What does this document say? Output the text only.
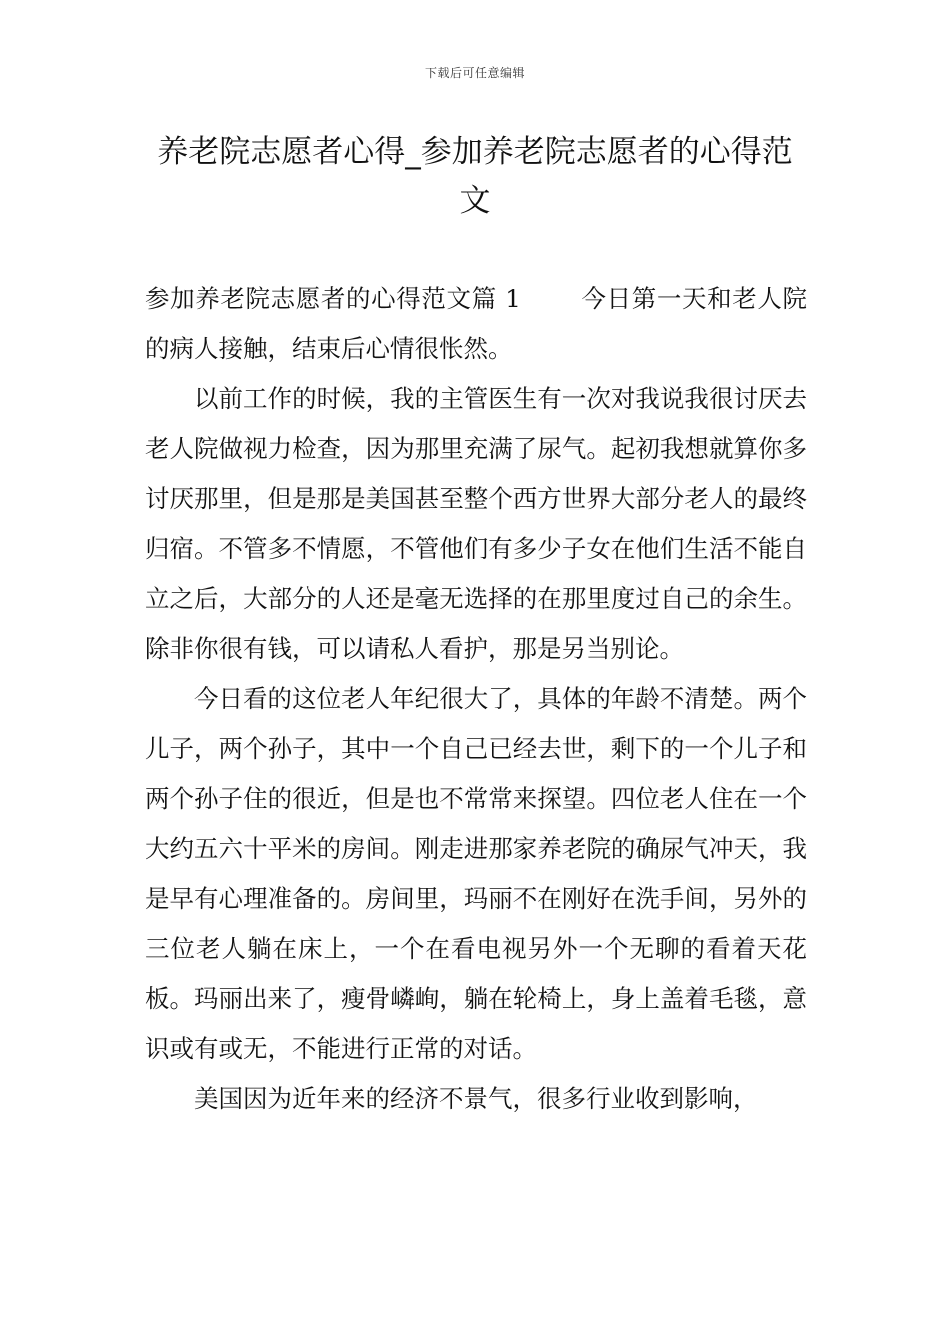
下载后可任意编辑
养老院志愿者心得_参加养老院志愿者的心得范文

参加养老院志愿者的心得范文篇 1 今日第一天和老人院的病人接触，结束后心情很怅然。

以前工作的时候，我的主管医生有一次对我说我很讨厌去老人院做视力检查，因为那里充满了尿气。起初我想就算你多讨厌那里，但是那是美国甚至整个西方世界大部分老人的最终归宿。不管多不情愿，不管他们有多少子女在他们生活不能自立之后，大部分的人还是毫无选择的在那里度过自己的余生。除非你很有钱，可以请私人看护，那是另当别论。

今日看的这位老人年纪很大了，具体的年龄不清楚。两个儿子，两个孙子，其中一个自己已经去世，剩下的一个儿子和两个孙子住的很近，但是也不常常来探望。四位老人住在一个大约五六十平米的房间。刚走进那家养老院的确尿气冲天，我是早有心理准备的。房间里，玛丽不在刚好在洗手间，另外的三位老人躺在床上，一个在看电视另外一个无聊的看着天花板。玛丽出来了，瘦骨嶙峋，躺在轮椅上，身上盖着毛毯，意识或有或无，不能进行正常的对话。

美国因为近年来的经济不景气，很多行业收到影响，
